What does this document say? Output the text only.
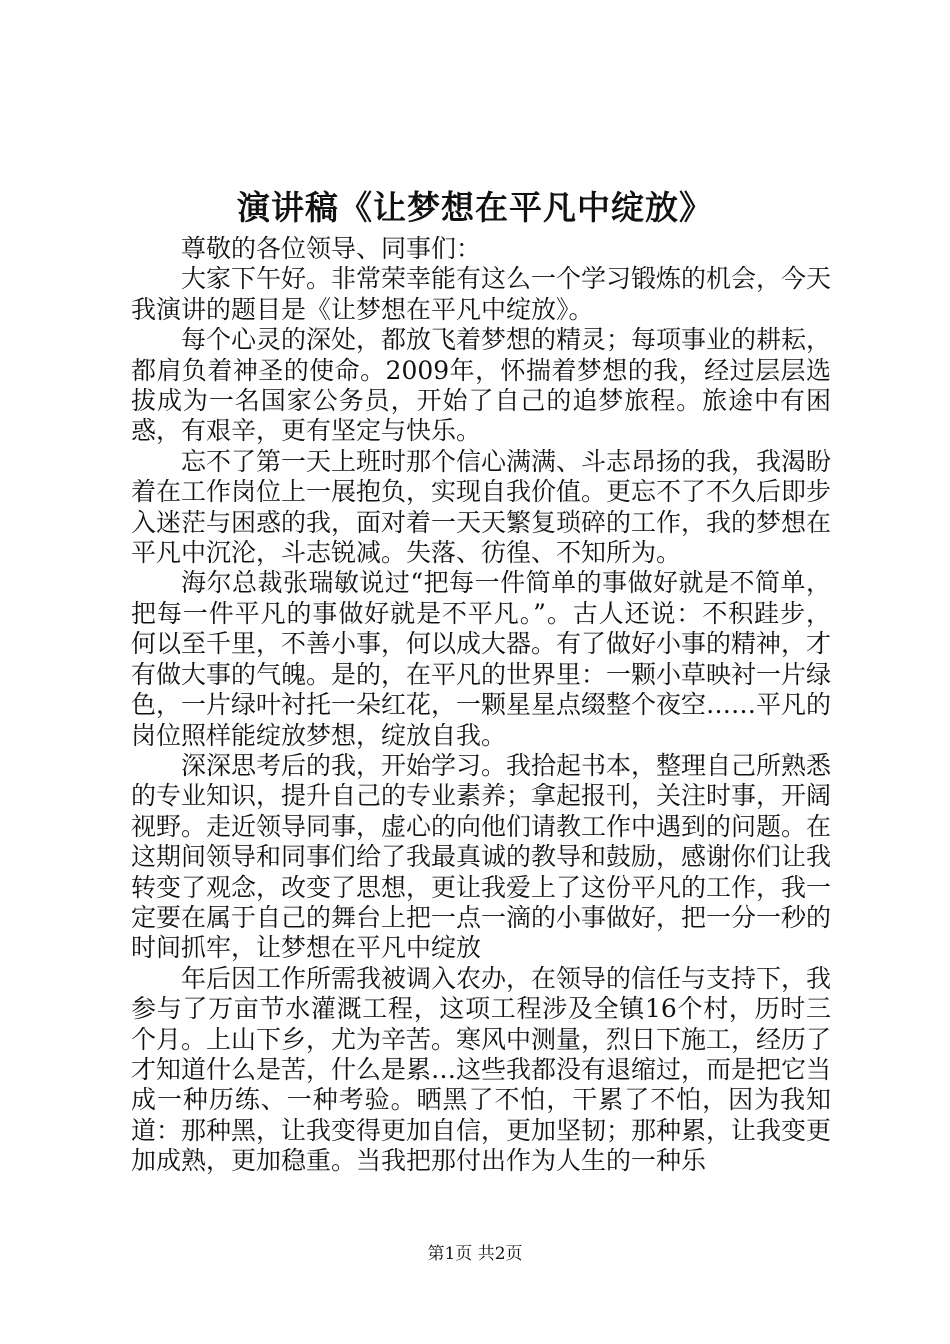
演讲稿《让梦想在平凡中绽放》

尊敬的各位领导、同事们：

大家下午好。非常荣幸能有这么一个学习锻炼的机会，今天我演讲的题目是《让梦想在平凡中绽放》。

每个心灵的深处，都放飞着梦想的精灵；每项事业的耕耘，都肩负着神圣的使命。2009年，怀揣着梦想的我，经过层层选拔成为一名国家公务员，开始了自己的追梦旅程。旅途中有困惑，有艰辛，更有坚定与快乐。

忘不了第一天上班时那个信心满满、斗志昂扬的我，我渴盼着在工作岗位上一展抱负，实现自我价值。更忘不了不久后即步入迷茫与困惑的我，面对着一天天繁复琐碎的工作，我的梦想在平凡中沉沦，斗志锐减。失落、彷徨、不知所为。

海尔总裁张瑞敏说过“把每一件简单的事做好就是不简单，把每一件平凡的事做好就是不平凡。”。古人还说：不积跬步，何以至千里，不善小事，何以成大器。有了做好小事的精神，才有做大事的气魄。是的，在平凡的世界里：一颗小草映衬一片绿色，一片绿叶衬托一朵红花，一颗星星点缀整个夜空……平凡的岗位照样能绽放梦想，绽放自我。

深深思考后的我，开始学习。我拾起书本，整理自己所熟悉的专业知识，提升自己的专业素养；拿起报刊，关注时事，开阔视野。走近领导同事，虚心的向他们请教工作中遇到的问题。在这期间领导和同事们给了我最真诚的教导和鼓励，感谢你们让我转变了观念，改变了思想，更让我爱上了这份平凡的工作，我一定要在属于自己的舞台上把一点一滴的小事做好，把一分一秒的时间抓牢，让梦想在平凡中绽放

年后因工作所需我被调入农办，在领导的信任与支持下，我参与了万亩节水灌溉工程，这项工程涉及全镇16个村，历时三个月。上山下乡，尤为辛苦。寒风中测量，烈日下施工，经历了才知道什么是苦，什么是累…这些我都没有退缩过，而是把它当成一种历练、一种考验。晒黑了不怕，干累了不怕，因为我知道：那种黑，让我变得更加自信，更加坚韧；那种累，让我变更加成熟，更加稳重。当我把那付出作为人生的一种乐

第1页 共2页
